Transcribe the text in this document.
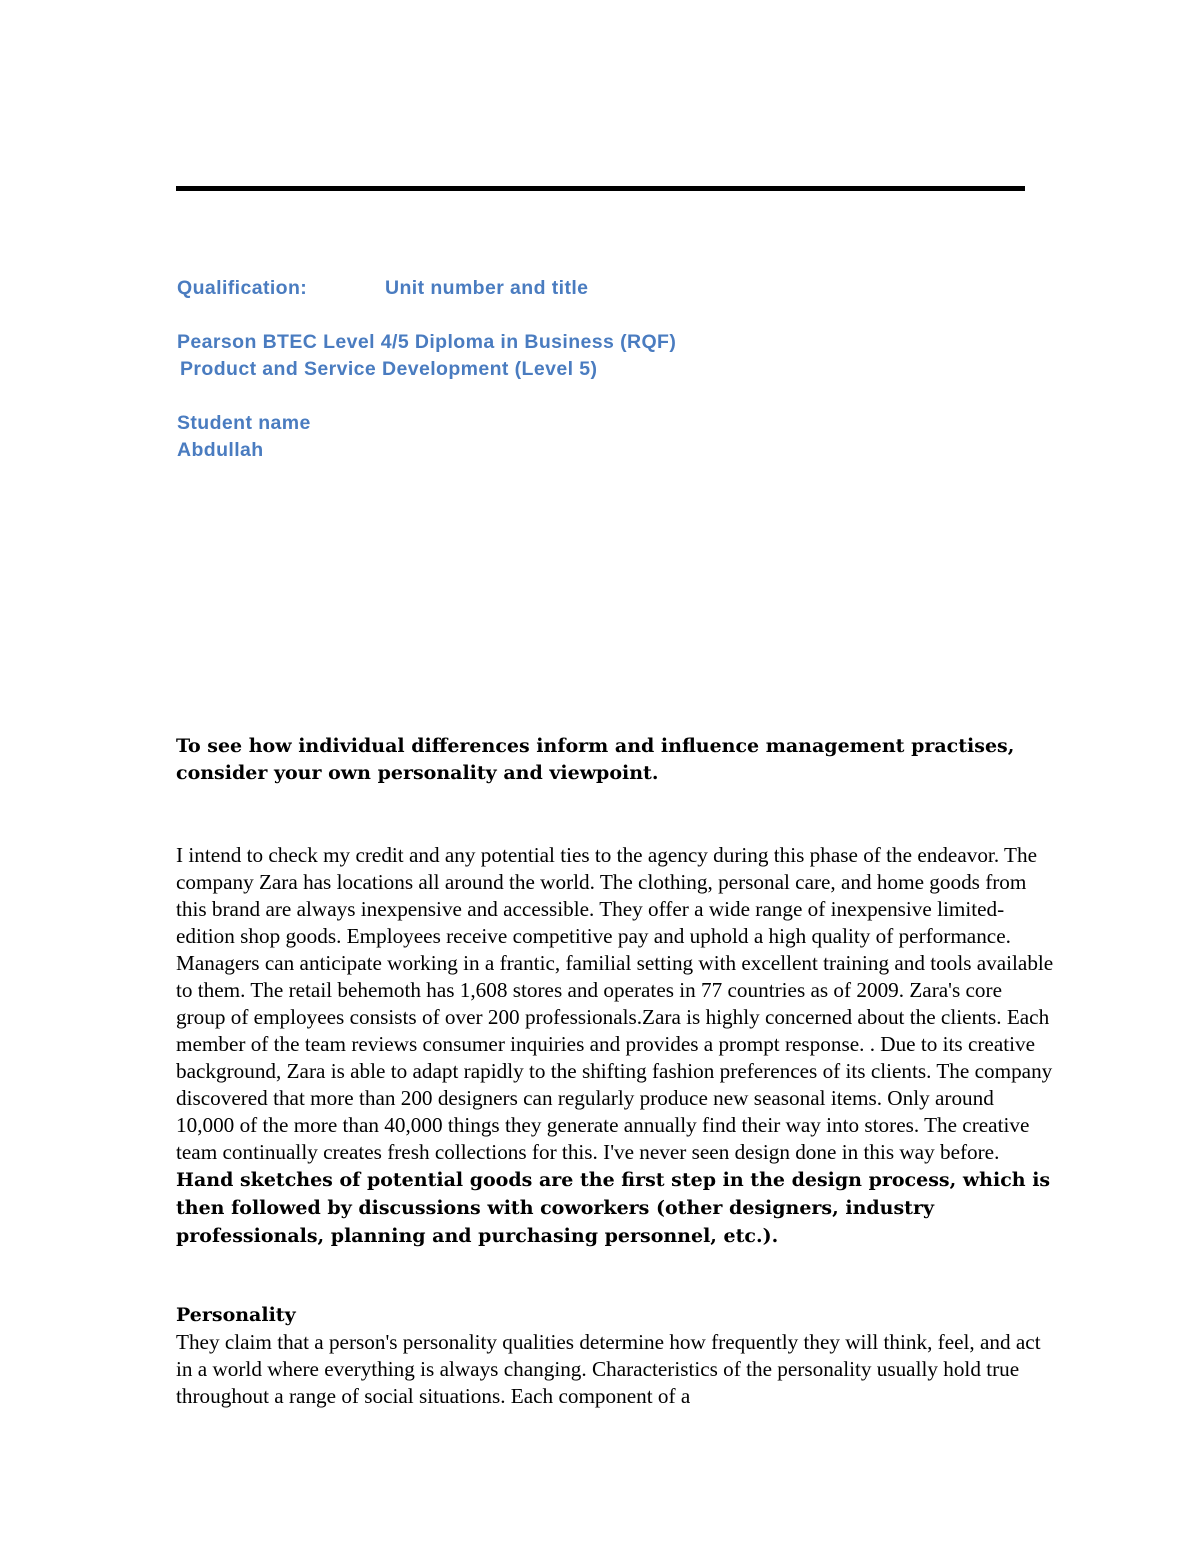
Qualification:	Unit number and title
Pearson BTEC Level 4/5 Diploma in Business (RQF)
Product and Service Development (Level 5)
Student name
Abdullah
To see how individual differences inform and influence management practises, consider your own personality and viewpoint.

I intend to check my credit and any potential ties to the agency during this phase of the endeavor. The company Zara has locations all around the world. The clothing, personal care, and home goods from this brand are always inexpensive and accessible. They offer a wide range of inexpensive limited-edition shop goods. Employees receive competitive pay and uphold a high quality of performance. Managers can anticipate working in a frantic, familial setting with excellent training and tools available to them. The retail behemoth has 1,608 stores and operates in 77 countries as of 2009. Zara's core group of employees consists of over 200 professionals.Zara is highly concerned about the clients. Each member of the team reviews consumer inquiries and provides a prompt response. . Due to its creative background, Zara is able to adapt rapidly to the shifting fashion preferences of its clients. The company discovered that more than 200 designers can regularly produce new seasonal items. Only around 10,000 of the more than 40,000 things they generate annually find their way into stores. The creative team continually creates fresh collections for this. I've never seen design done in this way before. Hand sketches of potential goods are the first step in the design process, which is then followed by discussions with coworkers (other designers, industry professionals, planning and purchasing personnel, etc.).

Personality

They claim that a person's personality qualities determine how frequently they will think, feel, and act in a world where everything is always changing. Characteristics of the personality usually hold true throughout a range of social situations. Each component of a
